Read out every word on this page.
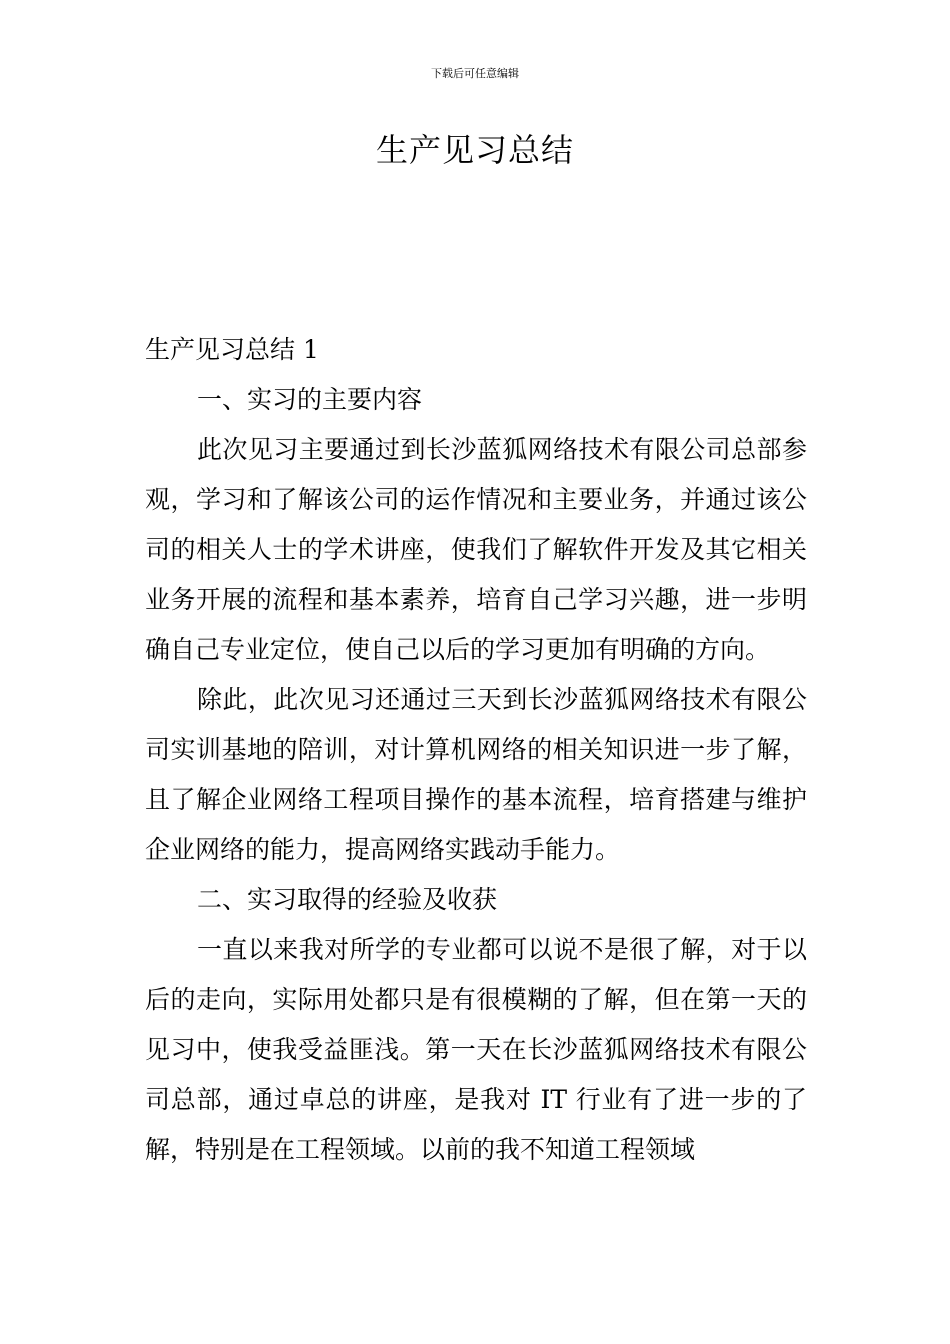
下载后可任意编辑
生产见习总结

生产见习总结 1

一、实习的主要内容

此次见习主要通过到长沙蓝狐网络技术有限公司总部参观，学习和了解该公司的运作情况和主要业务，并通过该公司的相关人士的学术讲座，使我们了解软件开发及其它相关业务开展的流程和基本素养，培育自己学习兴趣，进一步明确自己专业定位，使自己以后的学习更加有明确的方向。

除此，此次见习还通过三天到长沙蓝狐网络技术有限公司实训基地的陪训，对计算机网络的相关知识进一步了解，且了解企业网络工程项目操作的基本流程，培育搭建与维护企业网络的能力，提高网络实践动手能力。

二、实习取得的经验及收获

一直以来我对所学的专业都可以说不是很了解，对于以后的走向，实际用处都只是有很模糊的了解，但在第一天的见习中，使我受益匪浅。第一天在长沙蓝狐网络技术有限公司总部，通过卓总的讲座，是我对 IT 行业有了进一步的了解，特别是在工程领域。以前的我不知道工程领域
